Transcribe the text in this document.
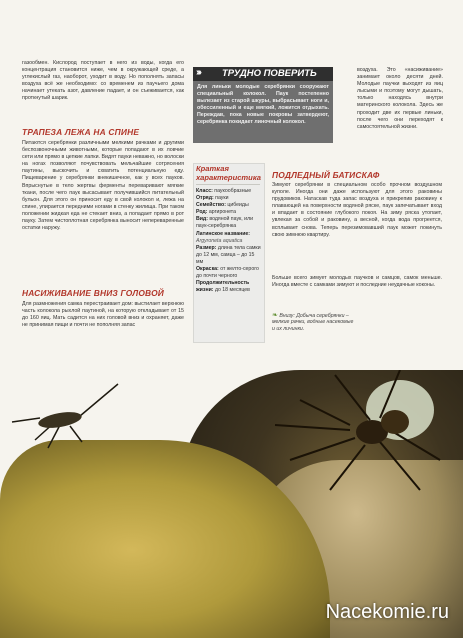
газообмен. Кислород поступает в него из воды, когда его концентрация становится ниже, чем в окружающей среде, а углекислый газ, наоборот, уходит в воду. Но пополнять запасы воздуха всё же необходимо: со временем из паучьего дома начинает утекать азот, давление падает, и он съеживается, как проткнутый шарик.
ТРАПЕЗА ЛЕЖА НА СПИНЕ
Питаются серебрянки различными мелкими рачками и другими беспозвоночными животными, которые попадают в их ловчие сети или прямо в цепкие лапки. Видят пауки неважно, но волоски на ногах позволяют почувствовать мельчайшие сотрясения паутины, выскочить и схватить потенциальную еду. Пищеварение у серебрянки внекишечное, как у всех пауков. Впрыснутые в тело жертвы ферменты переваривают мягкие ткани, после чего паук высасывает получившийся питательный бульон. Для этого он приносит еду в свой колокол и, лежа на спине, упирается передними ногами в стенку жилища. При таком положении жидкая еда не стекает вниз, а попадает прямо в рот пауку. Затем чистоплотная серебрянка выносит непереваренные остатки наружу.
НАСИЖИВАНИЕ ВНИЗ ГОЛОВОЙ
Для размножения самка перестраивает дом: выстилает верхнюю часть колокола рыхлой паутиной, на которую откладывает от 15 до 160 яиц. Мать садится на них головой вниз и охраняет, даже не принимая пищи и почти не пополняя запас
››› ТРУДНО ПОВЕРИТЬ
Для линьки молодые серебрянки сооружают специальный колокол. Паук постепенно вылезает из старой шкуры, выбрасывает ноги и, обессиленный и еще мягкий, ложится отдыхать. Переждав, пока новые покровы затвердеют, серебрянка покидает линочный колокол.
Краткая характеристика
Класс: паукообразные
Отряд: пауки
Семейство: цибеиды
Род: аргиронета
Вид: водяной паук, или паук-серебрянка
Латинское название: Argyroneta aquatica
Размер: длина тела самки до 12 мм, самца – до 15 мм
Окраска: от желто-серого до почти черного
Продолжительность жизни: до 18 месяцев
ПОДЛЕДНЫЙ БАТИСКАФ
Зимуют серебрянки в специальном особо прочном воздушном куполе. Иногда они даже используют для этого раковины прудовиков. Натаскав туда запас воздуха и прикрепив раковину к плавающей на поверхности водяной ряске, паук запечатывает вход и впадает в состояние глубокого покоя. На зиму ряска утопает, увлекая за собой и раковину, а весной, когда вода прогреется, всплывает снова. Теперь перезимовавший паук может покинуть свою зимнюю квартиру.
Больше всего зимует молодых паучков и самцов, самок меньше. Иногда вместе с самками зимуют и последние неудачные коконы.
воздуха. Это «насиживание» занимает около десяти дней. Молодые паучки выходят из яиц лысыми и поэтому могут дышать, только находясь внутри материнского колокола. Здесь же проходит две их первые линьки, после чего они переходят к самостоятельной жизни.
❧ Внизу: Добыча серебрянки – мелкие рачки, водные насекомые и их личинки.
Nacekomie.ru
